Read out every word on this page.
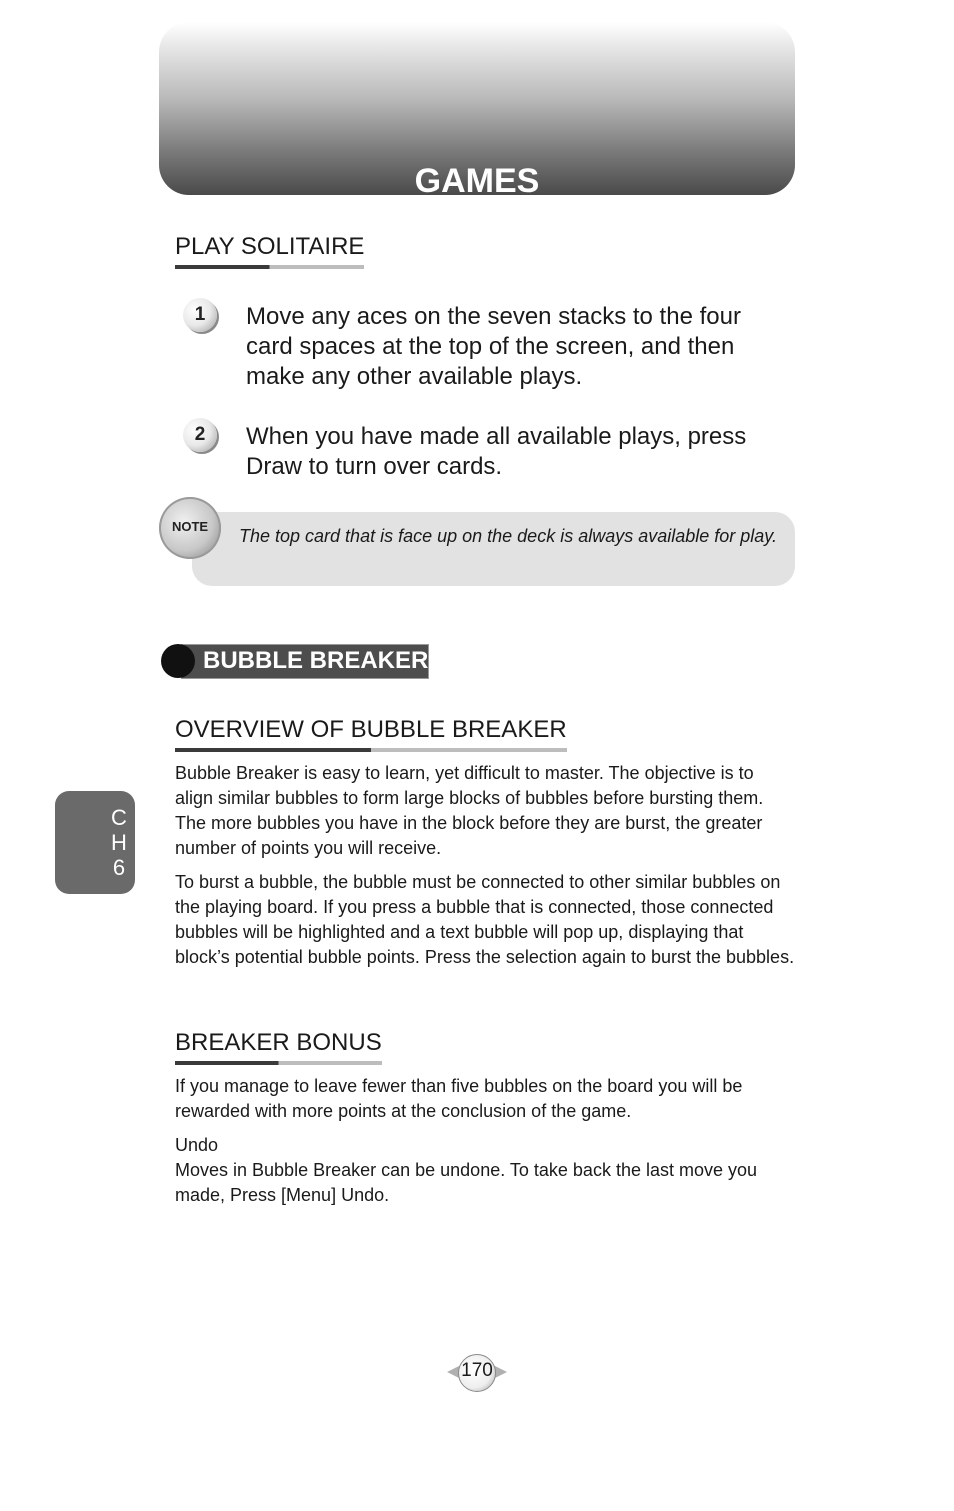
GAMES
PLAY SOLITAIRE
1	Move any aces on the seven stacks to the four card spaces at the top of the screen, and then make any other available plays.
2	When you have made all available plays, press Draw to turn over cards.
The top card that is face up on the deck is always available for play.
NOTE
BUBBLE BREAKER
OVERVIEW OF BUBBLE BREAKER
Bubble Breaker is easy to learn, yet difficult to master. The objective is to align similar bubbles to form large blocks of bubbles before bursting them. The more bubbles you have in the block before they are burst, the greater number of points you will receive.
To burst a bubble, the bubble must be connected to other similar bubbles on the playing board. If you press a bubble that is connected, those connected bubbles will be highlighted and a text bubble will pop up, displaying that block’s potential bubble points. Press the selection again to burst the bubbles.
BREAKER BONUS
If you manage to leave fewer than five bubbles on the board you will be rewarded with more points at the conclusion of the game.
Undo
Moves in Bubble Breaker can be undone. To take back the last move you made, Press [Menu] Undo.
C
H
6
170
